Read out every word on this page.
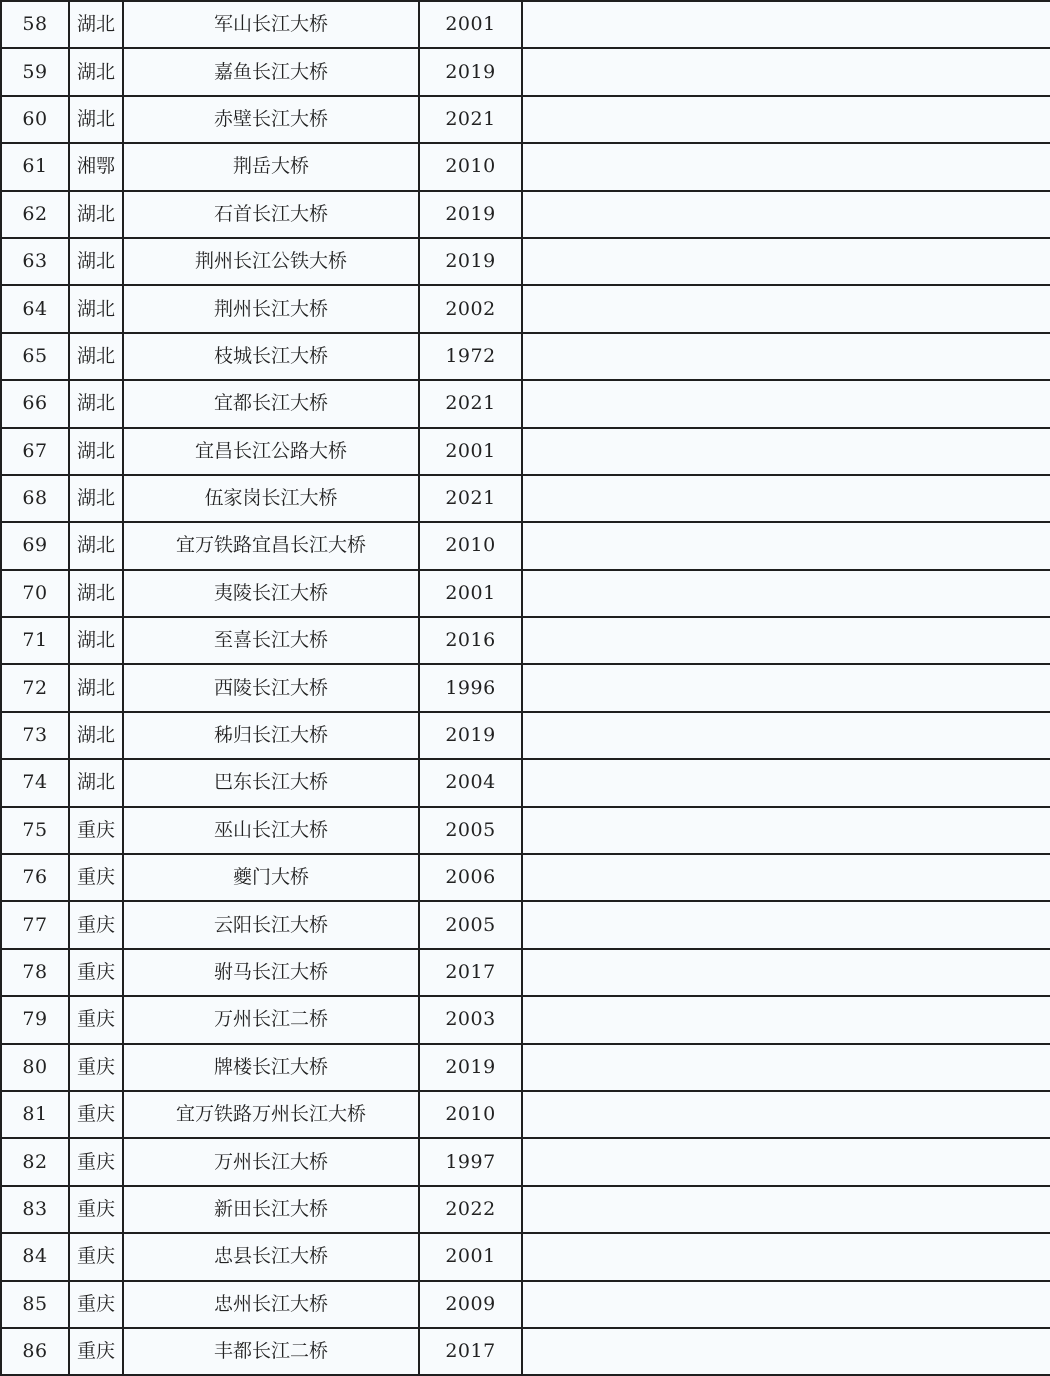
58	湖北	军山长江大桥	2001	
59	湖北	嘉鱼长江大桥	2019	
60	湖北	赤壁长江大桥	2021	
61	湘鄂	荆岳大桥	2010	
62	湖北	石首长江大桥	2019	
63	湖北	荆州长江公铁大桥	2019	
64	湖北	荆州长江大桥	2002	
65	湖北	枝城长江大桥	1972	
66	湖北	宜都长江大桥	2021	
67	湖北	宜昌长江公路大桥	2001	
68	湖北	伍家岗长江大桥	2021	
69	湖北	宜万铁路宜昌长江大桥	2010	
70	湖北	夷陵长江大桥	2001	
71	湖北	至喜长江大桥	2016	
72	湖北	西陵长江大桥	1996	
73	湖北	秭归长江大桥	2019	
74	湖北	巴东长江大桥	2004	
75	重庆	巫山长江大桥	2005	
76	重庆	夔门大桥	2006	
77	重庆	云阳长江大桥	2005	
78	重庆	驸马长江大桥	2017	
79	重庆	万州长江二桥	2003	
80	重庆	牌楼长江大桥	2019	
81	重庆	宜万铁路万州长江大桥	2010	
82	重庆	万州长江大桥	1997	
83	重庆	新田长江大桥	2022	
84	重庆	忠县长江大桥	2001	
85	重庆	忠州长江大桥	2009	
86	重庆	丰都长江二桥	2017	
